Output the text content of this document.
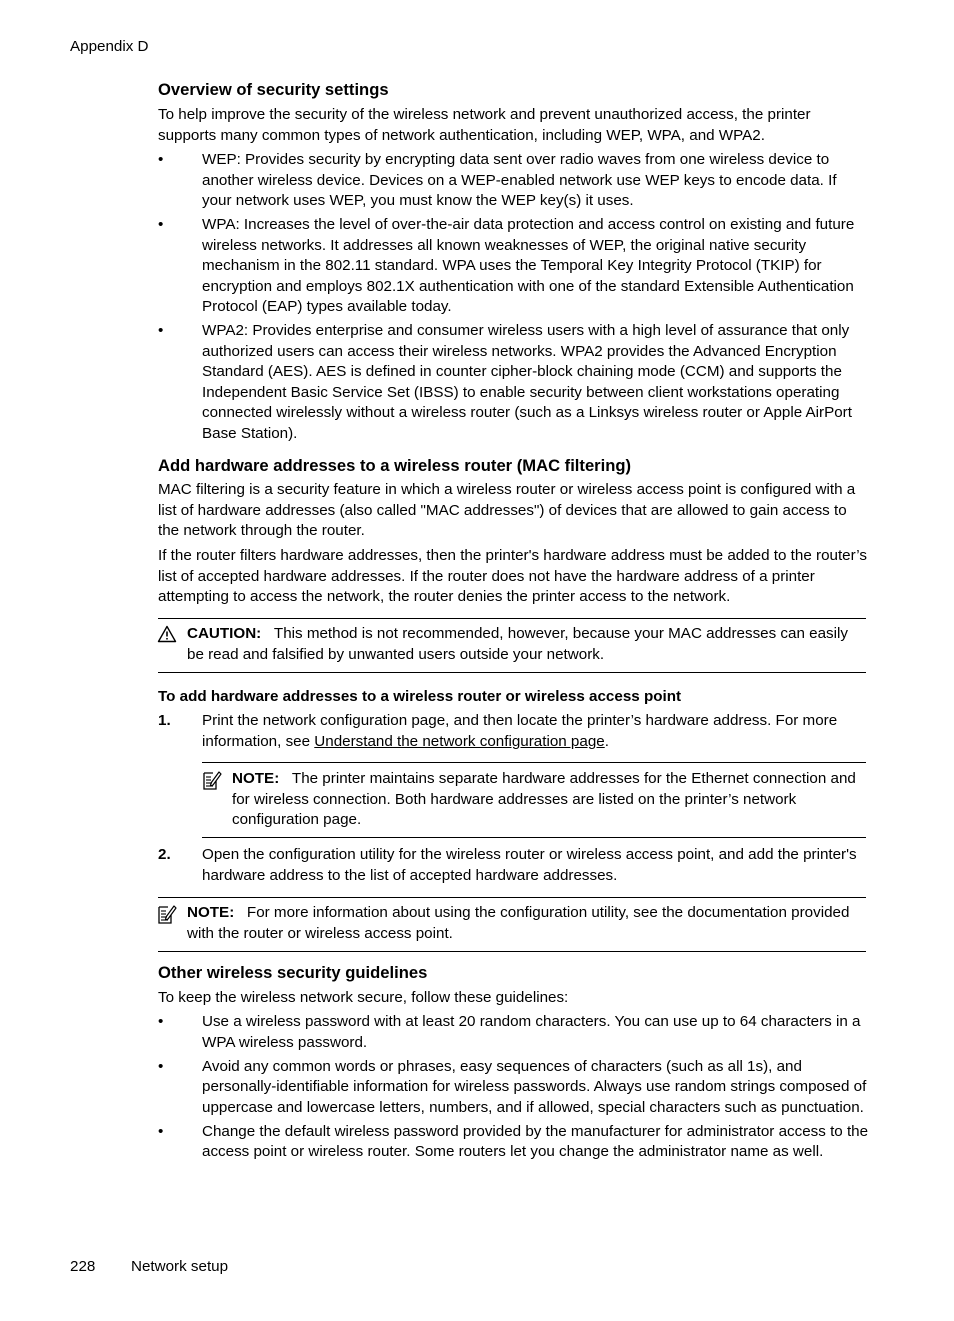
Appendix D
Overview of security settings
To help improve the security of the wireless network and prevent unauthorized access, the printer supports many common types of network authentication, including WEP, WPA, and WPA2.
•	WEP: Provides security by encrypting data sent over radio waves from one wireless device to another wireless device. Devices on a WEP-enabled network use WEP keys to encode data. If your network uses WEP, you must know the WEP key(s) it uses.
•	WPA: Increases the level of over-the-air data protection and access control on existing and future wireless networks. It addresses all known weaknesses of WEP, the original native security mechanism in the 802.11 standard. WPA uses the Temporal Key Integrity Protocol (TKIP) for encryption and employs 802.1X authentication with one of the standard Extensible Authentication Protocol (EAP) types available today.
•	WPA2: Provides enterprise and consumer wireless users with a high level of assurance that only authorized users can access their wireless networks. WPA2 provides the Advanced Encryption Standard (AES). AES is defined in counter cipher-block chaining mode (CCM) and supports the Independent Basic Service Set (IBSS) to enable security between client workstations operating connected wirelessly without a wireless router (such as a Linksys wireless router or Apple AirPort Base Station).
Add hardware addresses to a wireless router (MAC filtering)
MAC filtering is a security feature in which a wireless router or wireless access point is configured with a list of hardware addresses (also called "MAC addresses") of devices that are allowed to gain access to the network through the router.
If the router filters hardware addresses, then the printer's hardware address must be added to the router’s list of accepted hardware addresses. If the router does not have the hardware address of a printer attempting to access the network, the router denies the printer access to the network.
CAUTION: This method is not recommended, however, because your MAC addresses can easily be read and falsified by unwanted users outside your network.
To add hardware addresses to a wireless router or wireless access point
1.	Print the network configuration page, and then locate the printer’s hardware address. For more information, see Understand the network configuration page.
NOTE: The printer maintains separate hardware addresses for the Ethernet connection and for wireless connection. Both hardware addresses are listed on the printer’s network configuration page.
2.	Open the configuration utility for the wireless router or wireless access point, and add the printer's hardware address to the list of accepted hardware addresses.
NOTE: For more information about using the configuration utility, see the documentation provided with the router or wireless access point.
Other wireless security guidelines
To keep the wireless network secure, follow these guidelines:
•	Use a wireless password with at least 20 random characters. You can use up to 64 characters in a WPA wireless password.
•	Avoid any common words or phrases, easy sequences of characters (such as all 1s), and personally-identifiable information for wireless passwords. Always use random strings composed of uppercase and lowercase letters, numbers, and if allowed, special characters such as punctuation.
•	Change the default wireless password provided by the manufacturer for administrator access to the access point or wireless router. Some routers let you change the administrator name as well.
228 Network setup
